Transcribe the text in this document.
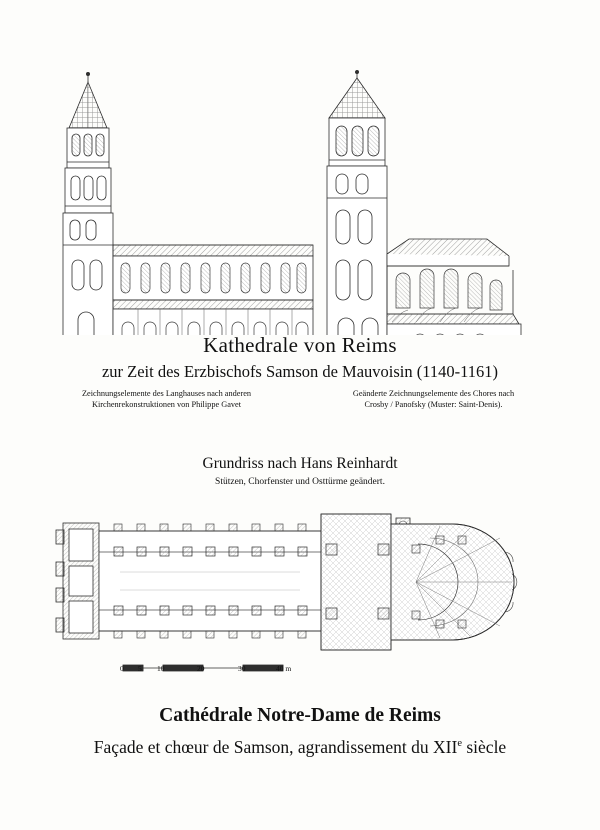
Kathedrale von Reims
zur Zeit des Erzbischofs Samson de Mauvoisin (1140-1161)
Zeichnungselemente des Langhauses nach anderen
Kirchenrekonstruktionen von Philippe Gavet
Geänderte Zeichnungselemente des Chores nach
Crosby / Panofsky (Muster: Saint-Denis).
Grundriss nach Hans Reinhardt
Stützen, Chorfenster und Osttürme geändert.
0 5 10	20	30	40 m
Cathédrale Notre-Dame de Reims
Façade et chœur de Samson, agrandissement du XIIe siècle
